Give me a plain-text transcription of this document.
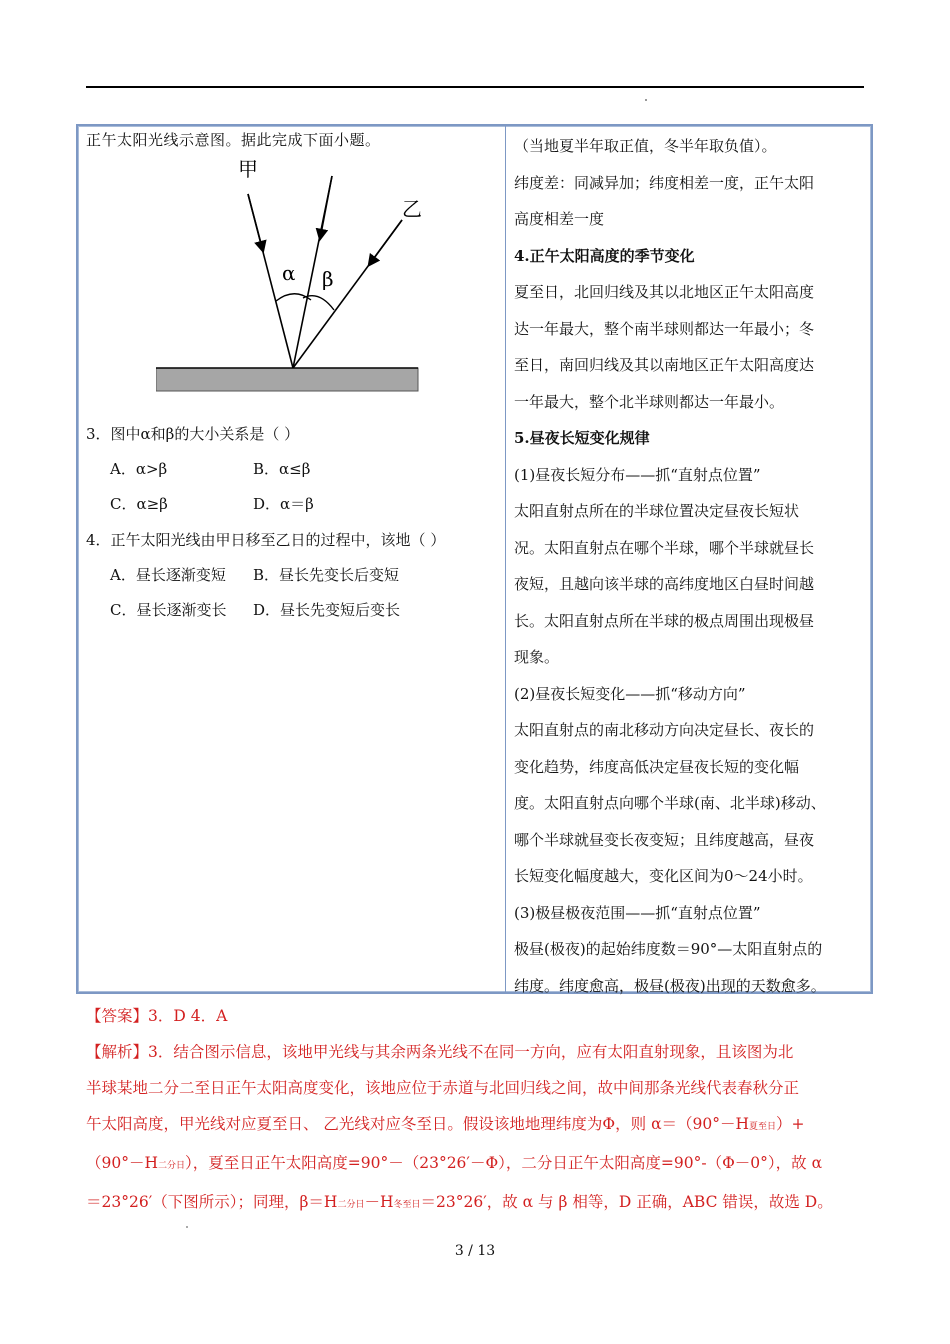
正午太阳光线示意图。据此完成下面小题。
甲
乙
α β
3．图中α和β的大小关系是（ ）
A．α>β	B．α≤β
C．α≥β	D．α＝β
4．正午太阳光线由甲日移至乙日的过程中，该地（ ）
A．昼长逐渐变短 B．昼长先变长后变短
C．昼长逐渐变长 D．昼长先变短后变长

（当地夏半年取正值，冬半年取负值）。

纬度差：同减异加；纬度相差一度，正午太阳

高度相差一度

4.正午太阳高度的季节变化

夏至日，北回归线及其以北地区正午太阳高度

达一年最大，整个南半球则都达一年最小；冬

至日，南回归线及其以南地区正午太阳高度达

一年最大，整个北半球则都达一年最小。

5.昼夜长短变化规律

(1)昼夜长短分布——抓“直射点位置”

太阳直射点所在的半球位置决定昼夜长短状

况。太阳直射点在哪个半球，哪个半球就昼长

夜短，且越向该半球的高纬度地区白昼时间越

长。太阳直射点所在半球的极点周围出现极昼

现象。

(2)昼夜长短变化——抓“移动方向”

太阳直射点的南北移动方向决定昼长、夜长的

变化趋势，纬度高低决定昼夜长短的变化幅

度。太阳直射点向哪个半球(南、北半球)移动、

哪个半球就昼变长夜变短；且纬度越高，昼夜

长短变化幅度越大，变化区间为0～24小时。

(3)极昼极夜范围——抓“直射点位置”

极昼(极夜)的起始纬度数＝90°—太阳直射点的

纬度。纬度愈高，极昼(极夜)出现的天数愈多。

【答案】3．D 4．A

【解析】3．结合图示信息，该地甲光线与其余两条光线不在同一方向，应有太阳直射现象，且该图为北

半球某地二分二至日正午太阳高度变化，该地应位于赤道与北回归线之间，故中间那条光线代表春秋分正

午太阳高度，甲光线对应夏至日、 乙光线对应冬至日。假设该地地理纬度为Φ，则 α＝（90°－H夏至日）+

（90°－H二分日），夏至日正午太阳高度=90°－（23°26′－Φ），二分日正午太阳高度=90°-（Φ－0°），故 α

＝23°26′（下图所示）；同理，β＝H二分日－H冬至日＝23°26′，故 α 与 β 相等，D 正确，ABC 错误，故选 D。

3 / 13
